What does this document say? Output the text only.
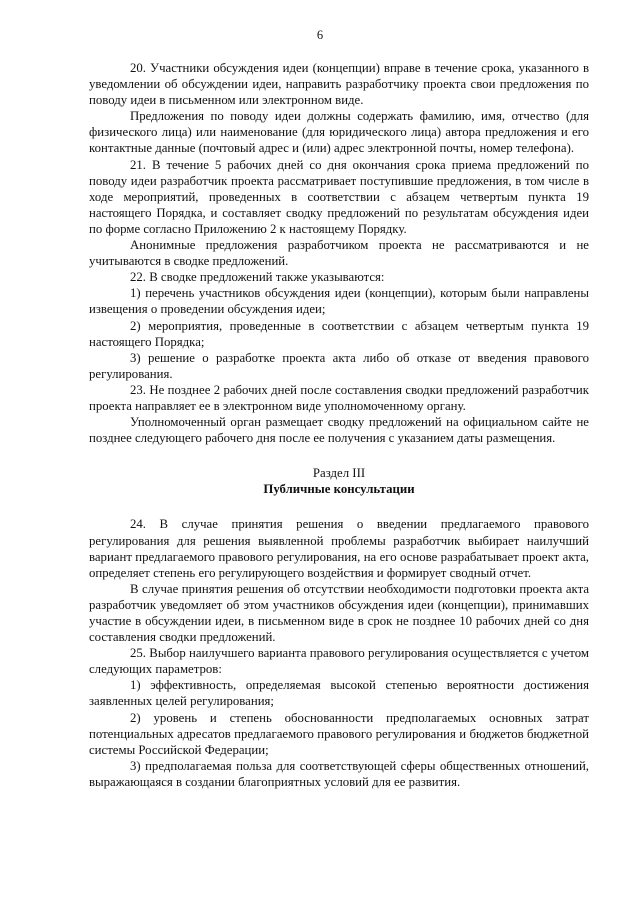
6

20. Участники обсуждения идеи (концепции) вправе в течение срока, указанного в уведомлении об обсуждении идеи, направить разработчику проекта свои предложения по поводу идеи в письменном или электронном виде.

Предложения по поводу идеи должны содержать фамилию, имя, отчество (для физического лица) или наименование (для юридического лица) автора предложения и его контактные данные (почтовый адрес и (или) адрес электронной почты, номер телефона).

21. В течение 5 рабочих дней со дня окончания срока приема предложений по поводу идеи разработчик проекта рассматривает поступившие предложения, в том числе в ходе мероприятий, проведенных в соответствии с абзацем четвертым пункта 19 настоящего Порядка, и составляет сводку предложений по результатам обсуждения идеи по форме согласно Приложению 2 к настоящему Порядку.

Анонимные предложения разработчиком проекта не рассматриваются и не учитываются в сводке предложений.

22. В сводке предложений также указываются:

1) перечень участников обсуждения идеи (концепции), которым были направлены извещения о проведении обсуждения идеи;

2) мероприятия, проведенные в соответствии с абзацем четвертым пункта 19 настоящего Порядка;

3) решение о разработке проекта акта либо об отказе от введения правового регулирования.

23. Не позднее 2 рабочих дней после составления сводки предложений разработчик проекта направляет ее в электронном виде уполномоченному органу.

Уполномоченный орган размещает сводку предложений на официальном сайте не позднее следующего рабочего дня после ее получения с указанием даты размещения.

Раздел III

Публичные консультации

24. В случае принятия решения о введении предлагаемого правового регулирования для решения выявленной проблемы разработчик выбирает наилучший вариант предлагаемого правового регулирования, на его основе разрабатывает проект акта, определяет степень его регулирующего воздействия и формирует сводный отчет.

В случае принятия решения об отсутствии необходимости подготовки проекта акта разработчик уведомляет об этом участников обсуждения идеи (концепции), принимавших участие в обсуждении идеи, в письменном виде в срок не позднее 10 рабочих дней со дня составления сводки предложений.

25. Выбор наилучшего варианта правового регулирования осуществляется с учетом следующих параметров:

1) эффективность, определяемая высокой степенью вероятности достижения заявленных целей регулирования;

2) уровень и степень обоснованности предполагаемых основных затрат потенциальных адресатов предлагаемого правового регулирования и бюджетов бюджетной системы Российской Федерации;

3) предполагаемая польза для соответствующей сферы общественных отношений, выражающаяся в создании благоприятных условий для ее развития.
